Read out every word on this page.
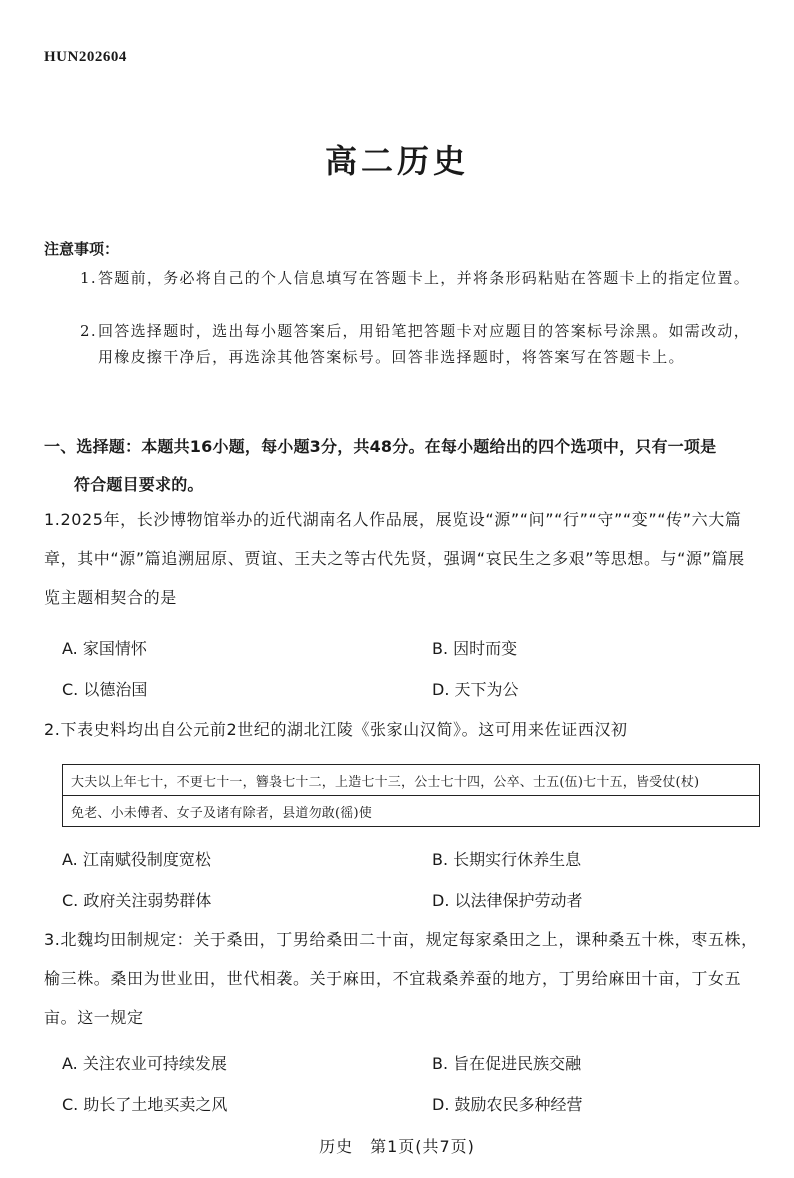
HUN202604
高二历史
注意事项：
1. 答题前，务必将自己的个人信息填写在答题卡上，并将条形码粘贴在答题卡上的指定位置。
2. 回答选择题时，选出每小题答案后，用铅笔把答题卡对应题目的答案标号涂黑。如需改动，用橡皮擦干净后，再选涂其他答案标号。回答非选择题时，将答案写在答题卡上。
一、选择题：本题共16小题，每小题3分，共48分。在每小题给出的四个选项中，只有一项是
符合题目要求的。
1.2025年，长沙博物馆举办的近代湖南名人作品展，展览设“源”“问”“行”“守”“变”“传”六大篇章，其中“源”篇追溯屈原、贾谊、王夫之等古代先贤，强调“哀民生之多艰”等思想。与“源”篇展览主题相契合的是
A. 家国情怀	B. 因时而变
C. 以德治国	D. 天下为公
2.下表史料均出自公元前2世纪的湖北江陵《张家山汉简》。这可用来佐证西汉初
大夫以上年七十，不更七十一，簪袅七十二，上造七十三，公士七十四，公卒、士五(伍)七十五，皆受仗(杖)
免老、小未傅者、女子及诸有除者，县道勿敢(徭)使
A. 江南赋役制度宽松	B. 长期实行休养生息
C. 政府关注弱势群体	D. 以法律保护劳动者
3.北魏均田制规定：关于桑田，丁男给桑田二十亩，规定每家桑田之上，课种桑五十株，枣五株，榆三株。桑田为世业田，世代相袭。关于麻田，不宜栽桑养蚕的地方，丁男给麻田十亩，丁女五亩。这一规定
A. 关注农业可持续发展	B. 旨在促进民族交融
C. 助长了土地买卖之风	D. 鼓励农民多种经营
历史　第1页(共7页)
